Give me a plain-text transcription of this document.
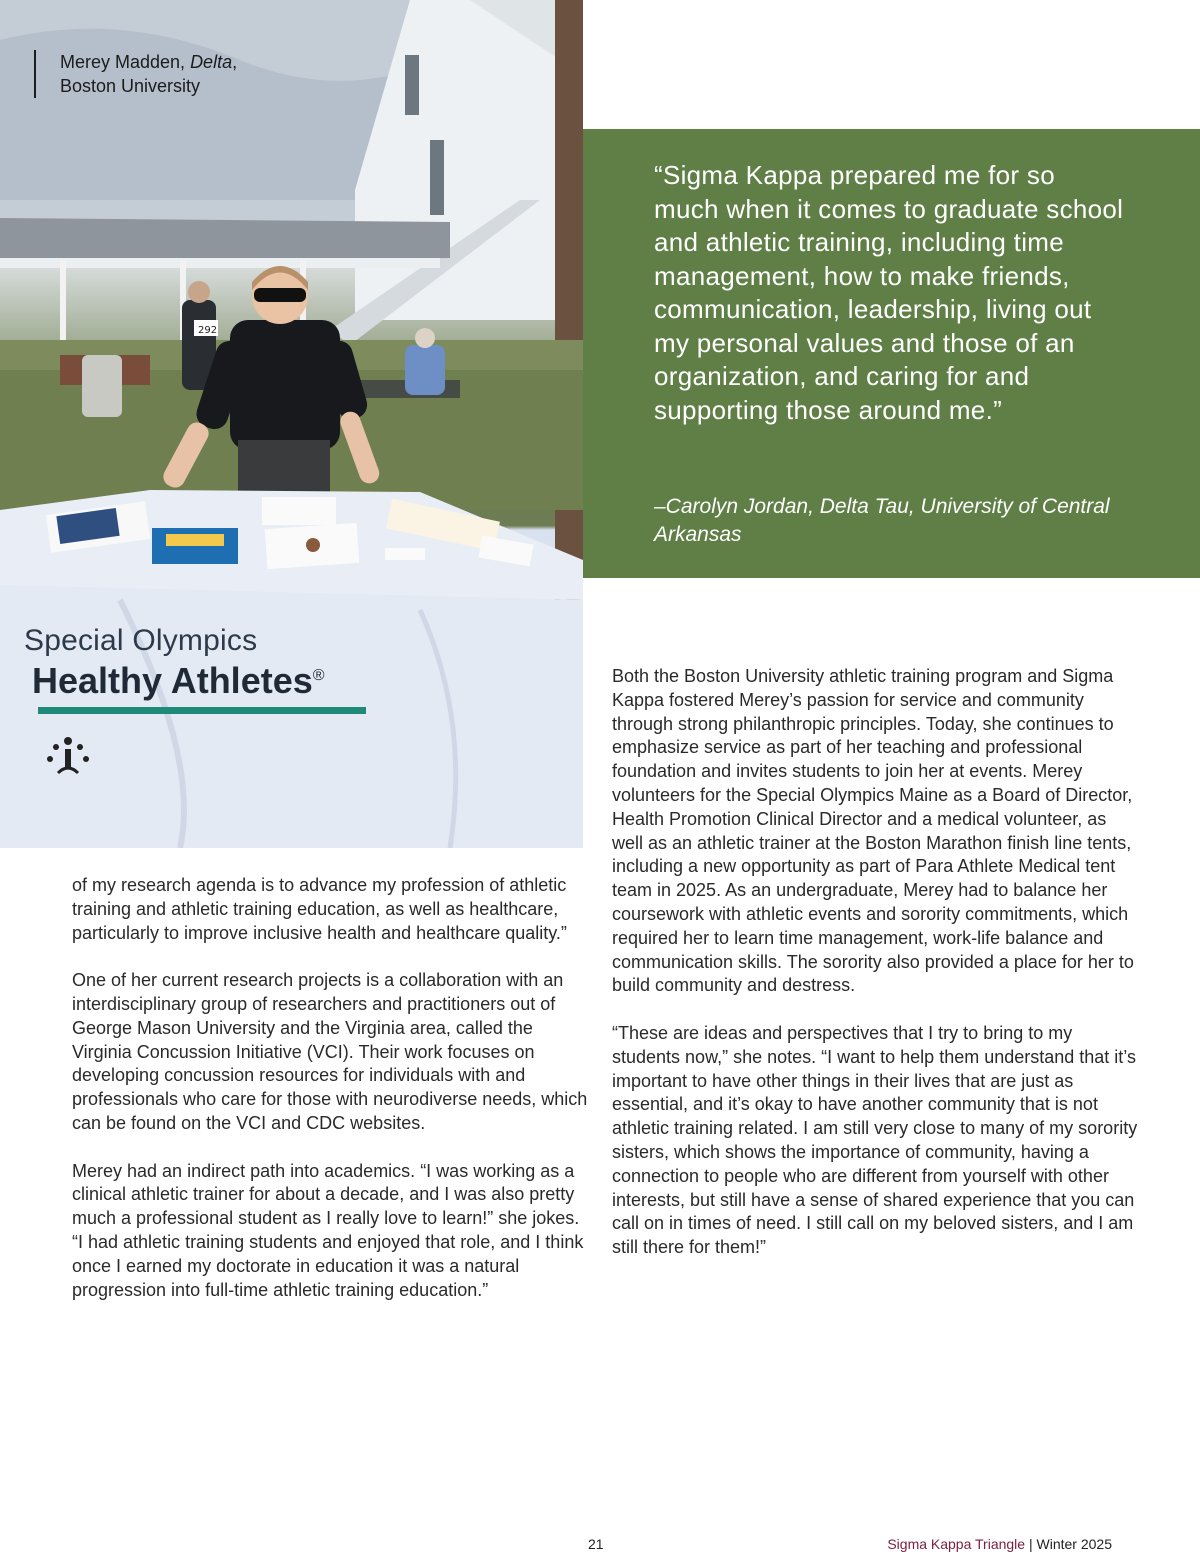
292
Merey Madden, Delta,
Boston University
Special Olympics
Healthy Athletes®
“Sigma Kappa prepared me for so much when it comes to graduate school and athletic training, including time management, how to make friends, communication, leadership, living out my personal values and those of an organization, and caring for and supporting those around me.”
–Carolyn Jordan, Delta Tau, University of Central Arkansas

of my research agenda is to advance my profession of athletic training and athletic training education, as well as healthcare, particularly to improve inclusive health and healthcare quality.”

One of her current research projects is a collaboration with an interdisciplinary group of researchers and practitioners out of George Mason University and the Virginia area, called the Virginia Concussion Initiative (VCI). Their work focuses on developing concussion resources for individuals with and professionals who care for those with neurodiverse needs, which can be found on the VCI and CDC websites.

Merey had an indirect path into academics. “I was working as a clinical athletic trainer for about a decade, and I was also pretty much a professional student as I really love to learn!” she jokes. “I had athletic training students and enjoyed that role, and I think once I earned my doctorate in education it was a natural progression into full-time athletic training education.”

Both the Boston University athletic training program and Sigma Kappa fostered Merey’s passion for service and community through strong philanthropic principles. Today, she continues to emphasize service as part of her teaching and professional foundation and invites students to join her at events. Merey volunteers for the Special Olympics Maine as a Board of Director, Health Promotion Clinical Director and a medical volunteer, as well as an athletic trainer at the Boston Marathon finish line tents, including a new opportunity as part of Para Athlete Medical tent team in 2025. As an undergraduate, Merey had to balance her coursework with athletic events and sorority commitments, which required her to learn time management, work-life balance and communication skills. The sorority also provided a place for her to build community and destress.

“These are ideas and perspectives that I try to bring to my students now,” she notes. “I want to help them understand that it’s important to have other things in their lives that are just as essential, and it’s okay to have another community that is not athletic training related. I am still very close to many of my sorority sisters, which shows the importance of community, having a connection to people who are different from yourself with other interests, but still have a sense of shared experience that you can call on in times of need. I still call on my beloved sisters, and I am still there for them!”

21	Sigma Kappa Triangle | Winter 2025
